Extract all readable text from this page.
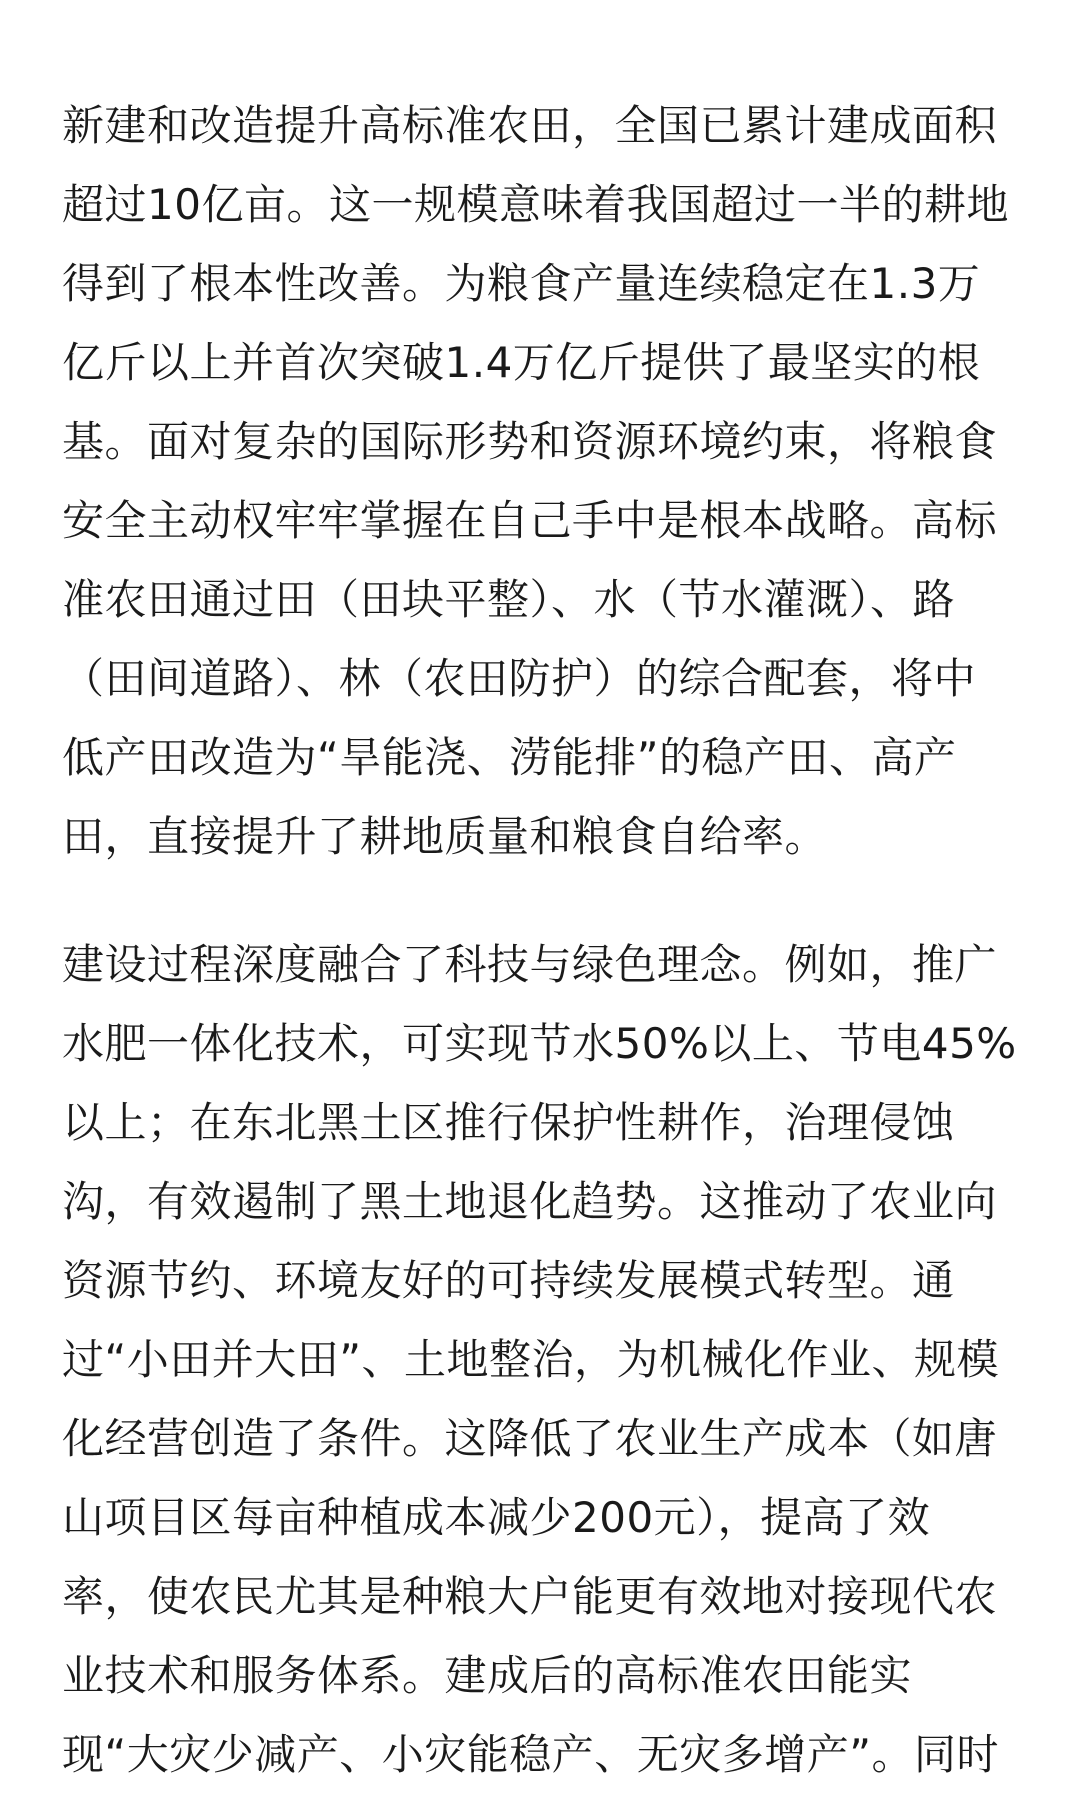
新建和改造提升高标准农田，全国已累计建成面积
超过10亿亩。这一规模意味着我国超过一半的耕地
得到了根本性改善。为粮食产量连续稳定在1.3万
亿斤以上并首次突破1.4万亿斤提供了最坚实的根
基。面对复杂的国际形势和资源环境约束，将粮食
安全主动权牢牢掌握在自己手中是根本战略。高标
准农田通过田（田块平整）、水（节水灌溉）、路
（田间道路）、林（农田防护）的综合配套，将中
低产田改造为“旱能浇、涝能排”的稳产田、高产
田，直接提升了耕地质量和粮食自给率。
建设过程深度融合了科技与绿色理念。例如，推广
水肥一体化技术，可实现节水50%以上、节电45%
以上；在东北黑土区推行保护性耕作，治理侵蚀
沟，有效遏制了黑土地退化趋势。这推动了农业向
资源节约、环境友好的可持续发展模式转型。通
过“小田并大田”、土地整治，为机械化作业、规模
化经营创造了条件。这降低了农业生产成本（如唐
山项目区每亩种植成本减少200元），提高了效
率，使农民尤其是种粮大户能更有效地对接现代农
业技术和服务体系。建成后的高标准农田能实
现“大灾少减产、小灾能稳产、无灾多增产”。同时
